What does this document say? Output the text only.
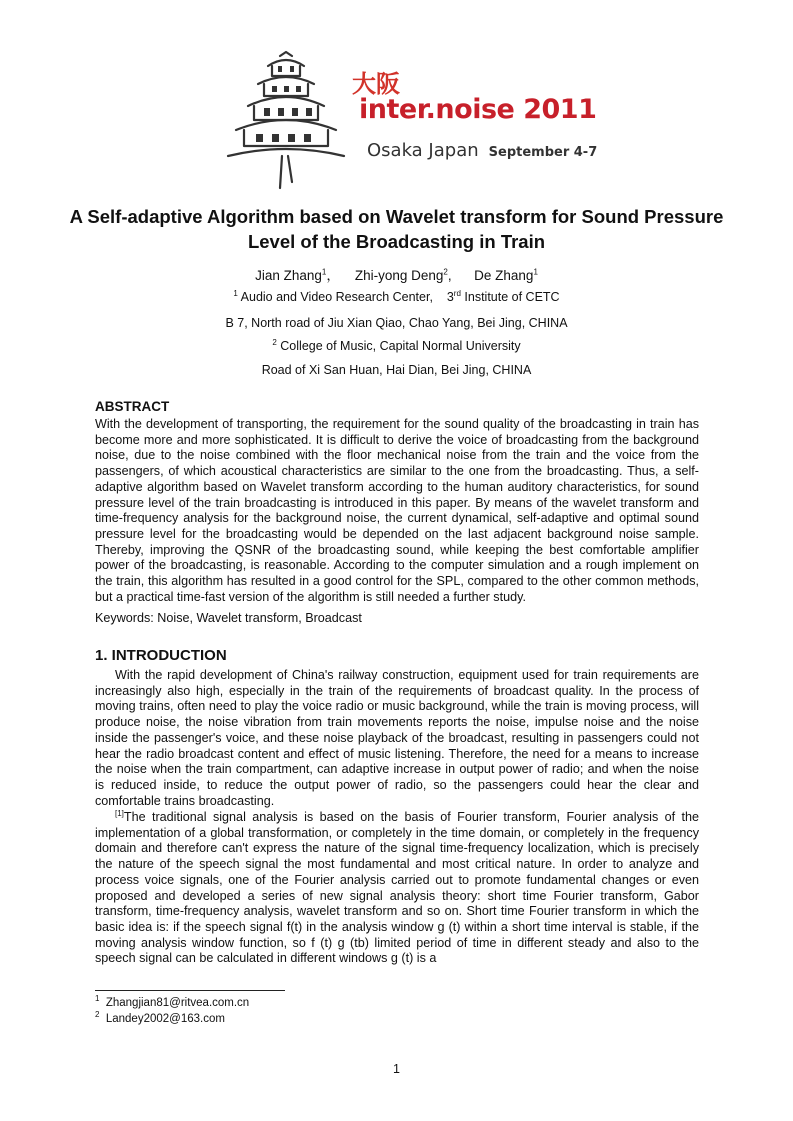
大阪
inter.noise 2011
Osaka Japan September 4-7
A Self-adaptive Algorithm based on Wavelet transform for Sound Pressure Level of the Broadcasting in Train
Jian Zhang$^1$， Zhi-yong Deng$^2$, De Zhang$^1$
$^1$ Audio and Video Research Center, 3rd Institute of CETC
B 7, North road of Jiu Xian Qiao, Chao Yang, Bei Jing, CHINA
$^2$ College of Music, Capital Normal University
Road of Xi San Huan, Hai Dian, Bei Jing, CHINA
ABSTRACT

With the development of transporting, the requirement for the sound quality of the broadcasting in train has become more and more sophisticated. It is difficult to derive the voice of broadcasting from the background noise, due to the noise combined with the floor mechanical noise from the train and the voice from the passengers, of which acoustical characteristics are similar to the one from the broadcasting. Thus, a self-adaptive algorithm based on Wavelet transform according to the human auditory characteristics, for sound pressure level of the train broadcasting is introduced in this paper. By means of the wavelet transform and time-frequency analysis for the background noise, the current dynamical, self-adaptive and optimal sound pressure level for the broadcasting would be depended on the last adjacent background noise sample. Thereby, improving the QSNR of the broadcasting sound, while keeping the best comfortable amplifier power of the broadcasting, is reasonable. According to the computer simulation and a rough implement on the train, this algorithm has resulted in a good control for the SPL, compared to the other common methods, but a practical time-fast version of the algorithm is still needed a further study.

Keywords: Noise, Wavelet transform, Broadcast
1. INTRODUCTION

With the rapid development of China's railway construction, equipment used for train requirements are increasingly also high, especially in the train of the requirements of broadcast quality. In the process of moving trains, often need to play the voice radio or music background, while the train is moving process, will produce noise, the noise vibration from train movements reports the noise, impulse noise and the noise inside the passenger's voice, and these noise playback of the broadcast, resulting in passengers could not hear the radio broadcast content and effect of music listening. Therefore, the need for a means to increase the noise when the train compartment, can adaptive increase in output power of radio; and when the noise is reduced inside, to reduce the output power of radio, so the passengers could hear the clear and comfortable trains broadcasting.

[1]The traditional signal analysis is based on the basis of Fourier transform, Fourier analysis of the implementation of a global transformation, or completely in the time domain, or completely in the frequency domain and therefore can't express the nature of the signal time-frequency localization, which is precisely the nature of the speech signal the most fundamental and most critical nature. In order to analyze and process voice signals, one of the Fourier analysis carried out to promote fundamental changes or even proposed and developed a series of new signal analysis theory: short time Fourier transform, Gabor transform, time-frequency analysis, wavelet transform and so on. Short time Fourier transform in which the basic idea is: if the speech signal f(t) in the analysis window g (t) within a short time interval is stable, if the moving analysis window function, so f (t) g (tb) limited period of time in different steady and also to the speech signal can be calculated in different windows g (t) is a

$^1$ Zhangjian81@ritvea.com.cn
$^2$ Landey2002@163.com
1
